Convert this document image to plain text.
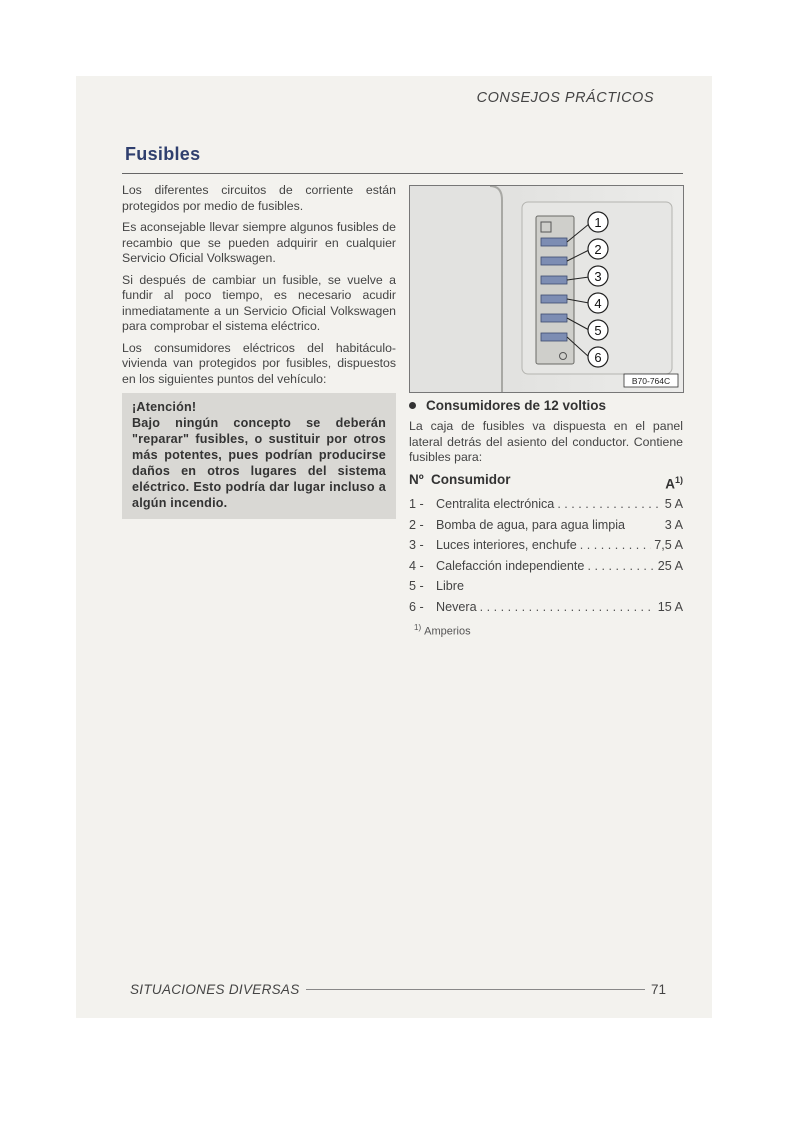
CONSEJOS PRÁCTICOS
Fusibles

Los diferentes circuitos de corriente están protegidos por medio de fusibles.

Es aconsejable llevar siempre algunos fusibles de recambio que se pueden adquirir en cualquier Servicio Oficial Volkswagen.

Si después de cambiar un fusible, se vuelve a fundir al poco tiempo, es necesario acudir inmediatamente a un Servicio Oficial Volkswagen para comprobar el sistema eléctrico.

Los consumidores eléctricos del habitáculo-vivienda van protegidos por fusibles, dispuestos en los siguientes puntos del vehículo:

¡Atención!
Bajo ningún concepto se deberán "reparar" fusibles, o sustituir por otros más potentes, pues podrían producirse daños en otros lugares del sistema eléctrico. Esto podría dar lugar incluso a algún incendio.
1
2
3
4
5
6
B70-764C
Consumidores de 12 voltios

La caja de fusibles va dispuesta en el panel lateral detrás del asiento del conductor. Contiene fusibles para:

Nº Consumidor	$A^{1)}$
1 - Centralita electrónica . . .	5 A
2 - Bomba de agua, para agua limpia	3 A
3 - Luces interiores, enchufe . . .	7,5 A
4 - Calefacción independiente . . .	25 A
5 - Libre
6 - Nevera . . .	15 A
$^{1)}$ Amperios
SITUACIONES DIVERSAS	71
